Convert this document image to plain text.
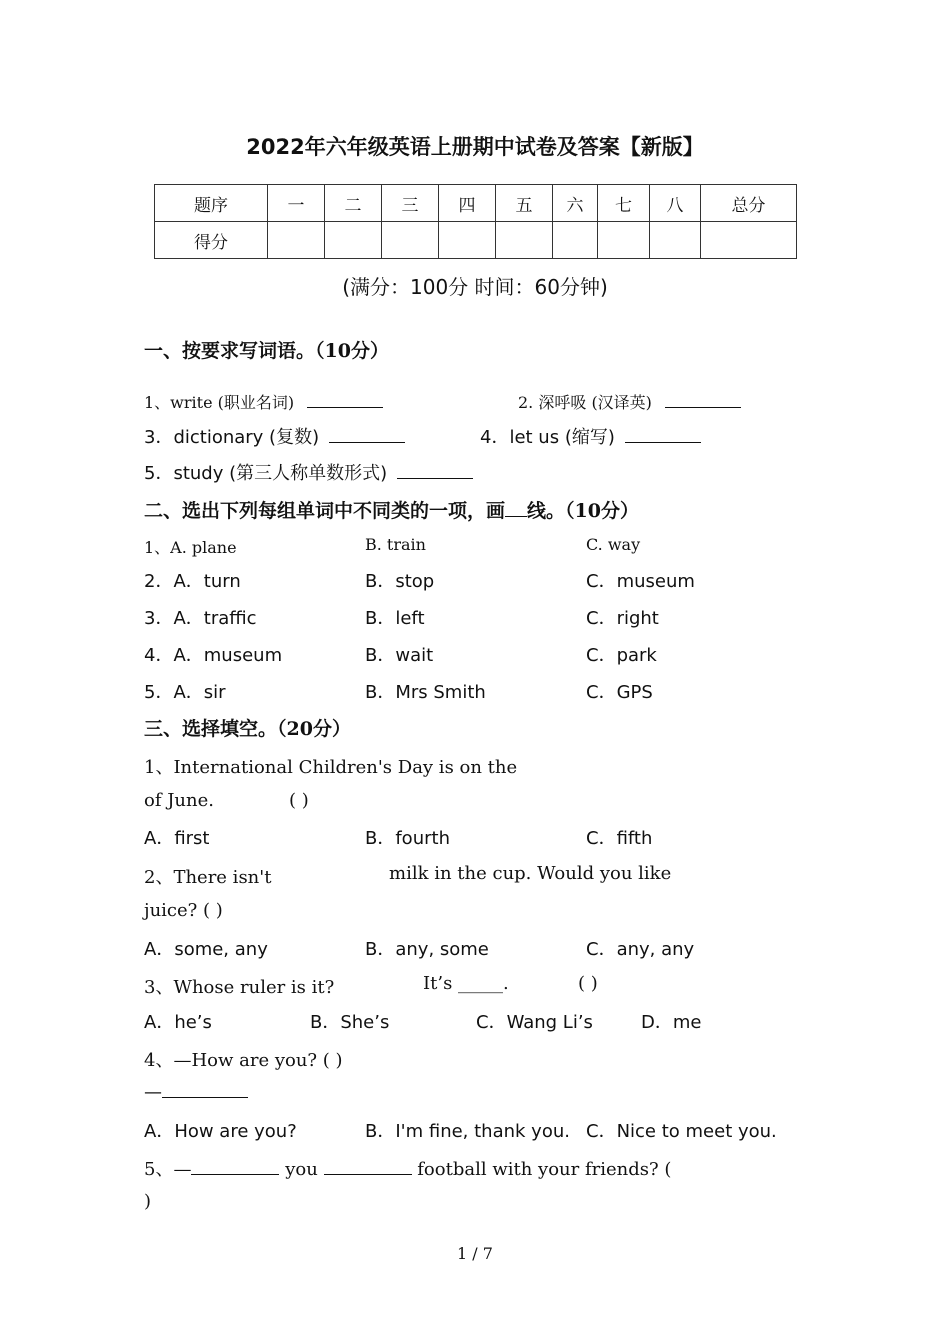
2022年六年级英语上册期中试卷及答案【新版】
题序	一	二	三	四	五	六	七	八	总分
得分									
(满分：100分 时间：60分钟)
一、按要求写词语。（10分）
1、write (职业名词)	2. 深呼吸 (汉译英)
3．dictionary (复数)	4．let us (缩写)
5．study (第三人称单数形式)
二、选出下列每组单词中不同类的一项，画 线。（10分）
1、A. plane	B. train	C. way
2．A．turn	B．stop	C．museum
3．A．traffic	B．left	C．right
4．A．museum	B．wait	C．park
5．A．sir	B．Mrs Smith	C．GPS
三、选择填空。（20分）
1、International Children's Day is on the
of June.	( )
A．first	B．fourth	C．fifth
2、There isn't	milk in the cup. Would you like
juice? ( )
A．some, any	B．any, some	C．any, any
3、Whose ruler is it?	It’s _____.	( )
A．he’s	B．She’s	C．Wang Li’s	D．me
4、—How are you? ( )
—
A．How are you?	B．I'm fine, thank you. C．Nice to meet you.
5、—	you	football with your friends? (
)
1 / 7
